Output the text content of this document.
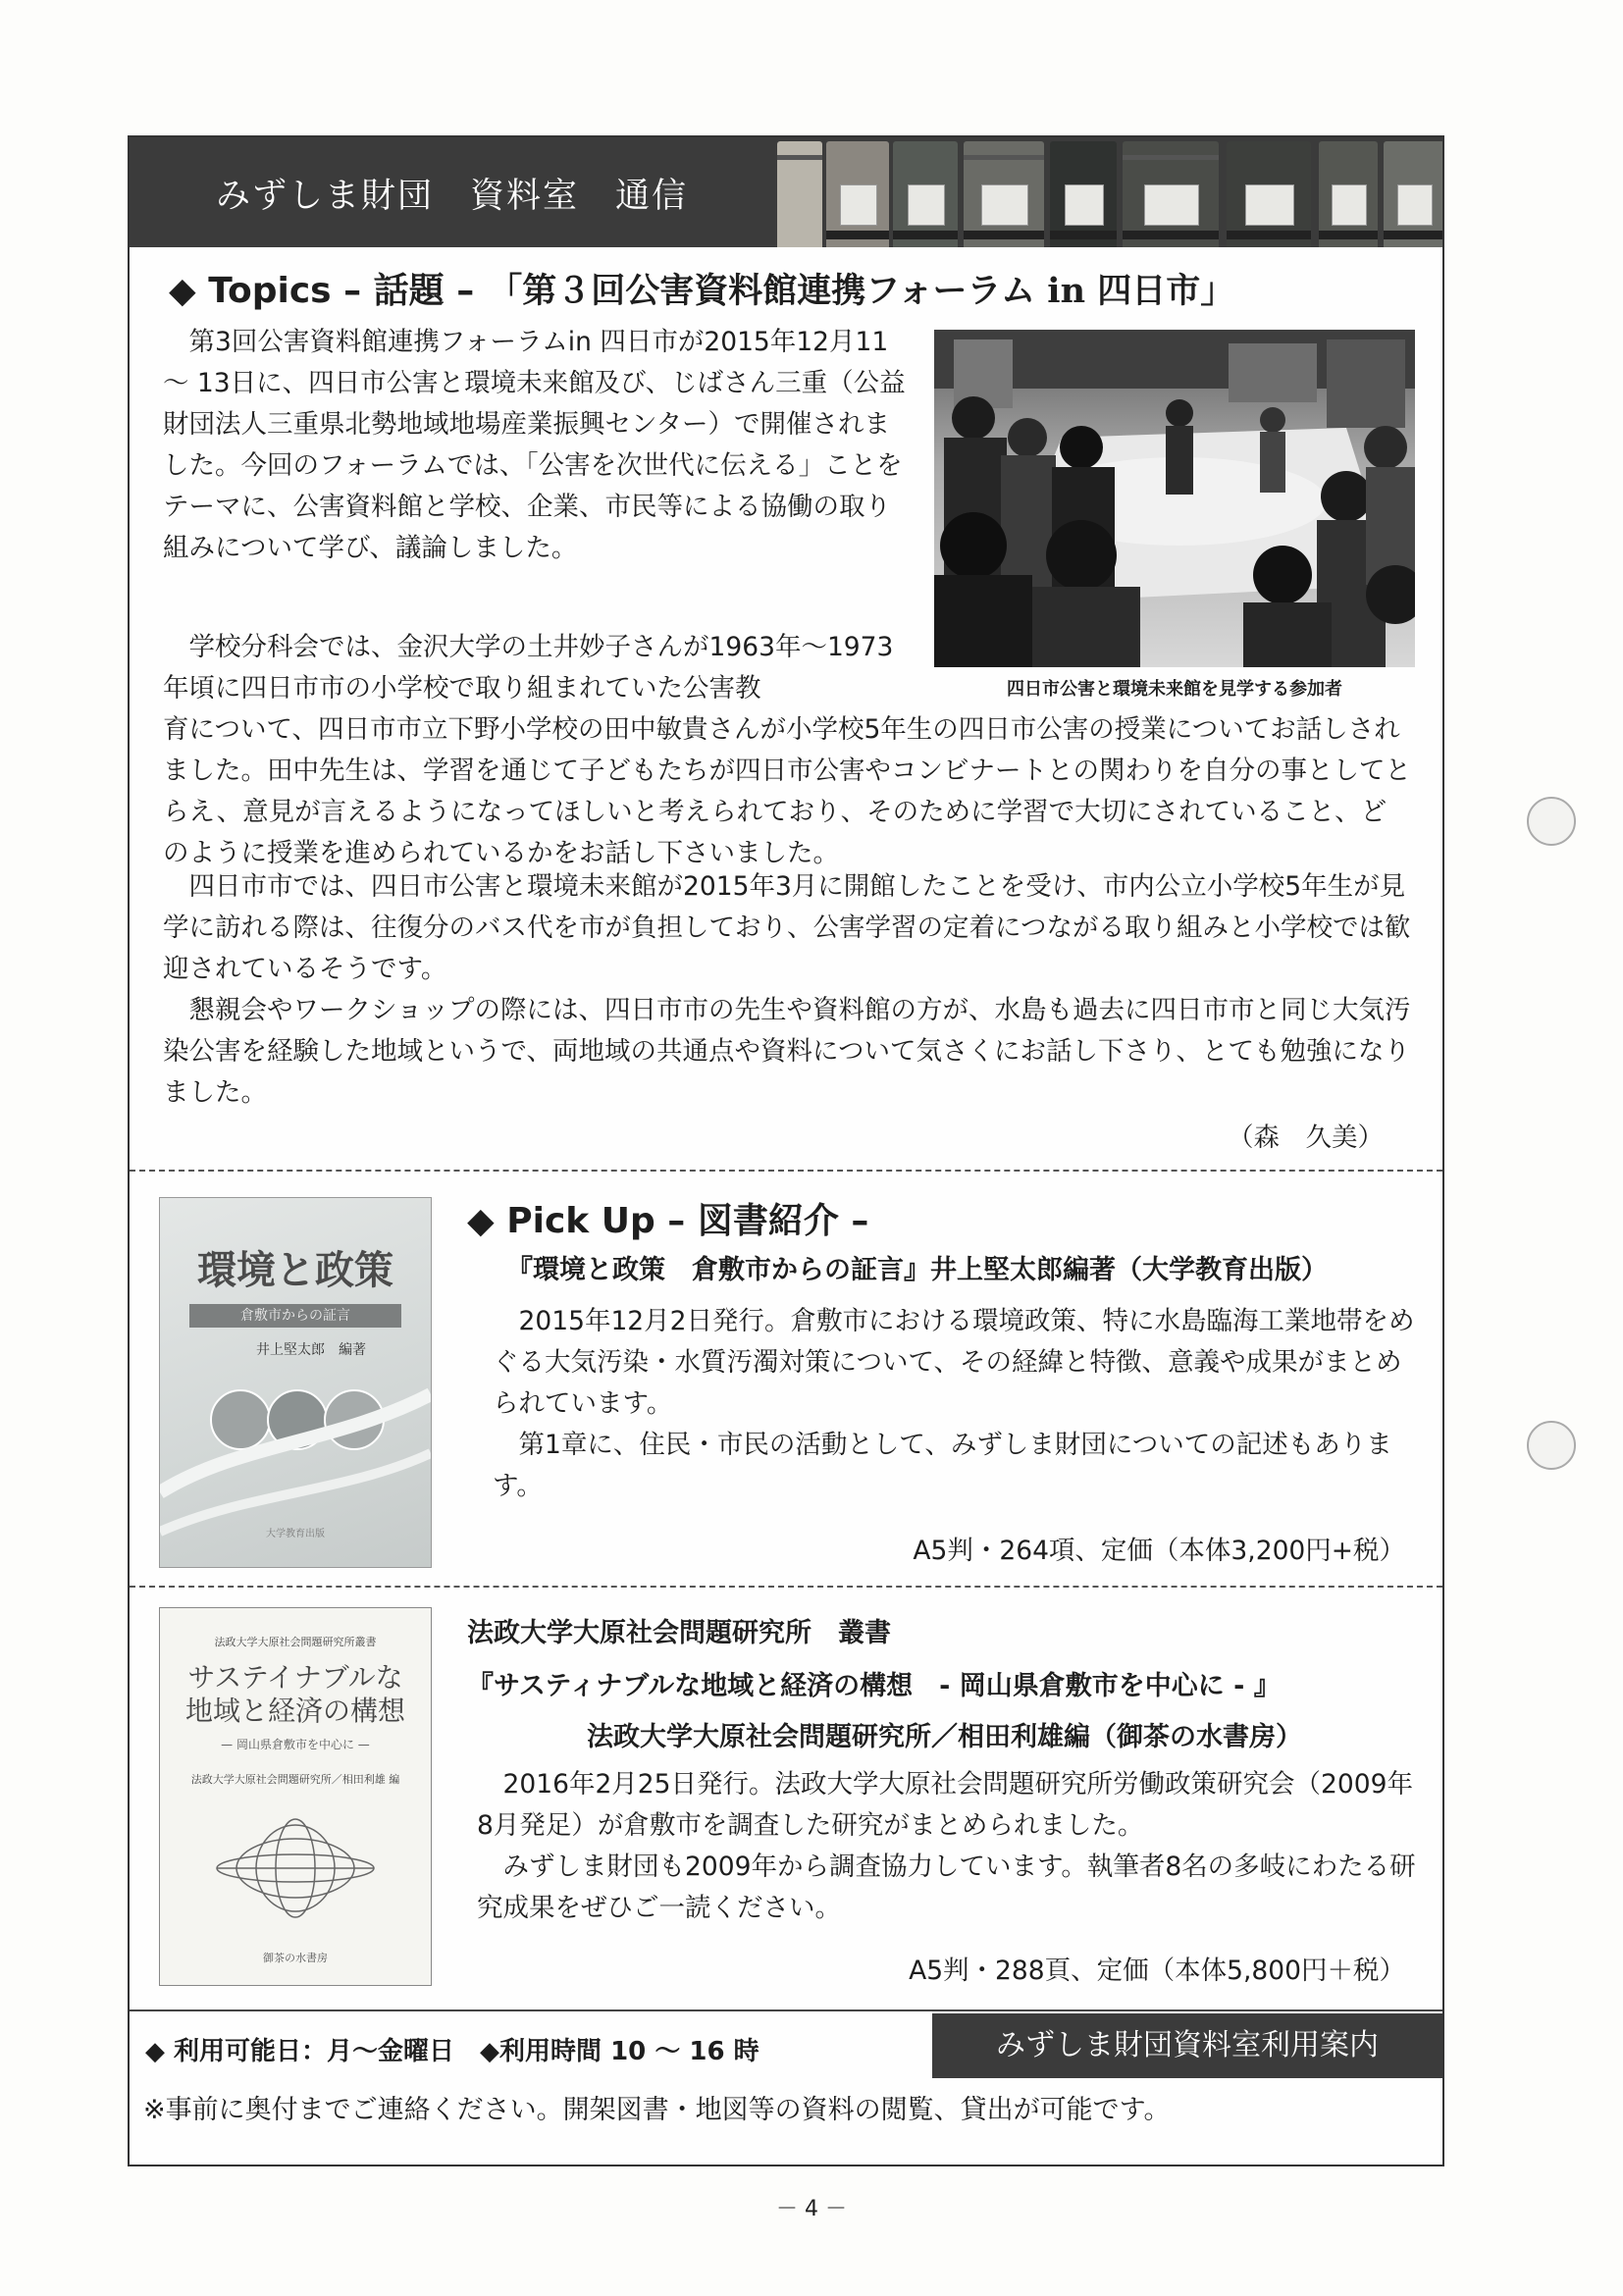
みずしま財団　資料室　通信
◆ Topics – 話題 – 「第３回公害資料館連携フォーラム in 四日市」

第3回公害資料館連携フォーラムin 四日市が2015年12月11 ～ 13日に、四日市公害と環境未来館及び、じばさん三重（公益財団法人三重県北勢地域地場産業振興センター）で開催されました。今回のフォーラムでは、「公害を次世代に伝える」ことをテーマに、公害資料館と学校、企業、市民等による協働の取り組みについて学び、議論しました。

学校分科会では、金沢大学の土井妙子さんが1963年～1973年頃に四日市市の小学校で取り組まれていた公害教

育について、四日市市立下野小学校の田中敏貴さんが小学校5年生の四日市公害の授業についてお話しされました。田中先生は、学習を通じて子どもたちが四日市公害やコンビナートとの関わりを自分の事としてとらえ、意見が言えるようになってほしいと考えられており、そのために学習で大切にされていること、どのように授業を進められているかをお話し下さいました。

四日市市では、四日市公害と環境未来館が2015年3月に開館したことを受け、市内公立小学校5年生が見学に訪れる際は、往復分のバス代を市が負担しており、公害学習の定着につながる取り組みと小学校では歓迎されているそうです。

懇親会やワークショップの際には、四日市市の先生や資料館の方が、水島も過去に四日市市と同じ大気汚染公害を経験した地域というで、両地域の共通点や資料について気さくにお話し下さり、とても勉強になりました。

（森　久美）
四日市公害と環境未来館を見学する参加者
環境と政策
倉敷市からの証言
井上堅太郎　編著
大学教育出版
◆ Pick Up – 図書紹介 –
『環境と政策　倉敷市からの証言』井上堅太郎編著（大学教育出版）

2015年12月2日発行。倉敷市における環境政策、特に水島臨海工業地帯をめぐる大気汚染・水質汚濁対策について、その経緯と特徴、意義や成果がまとめられています。

第1章に、住民・市民の活動として、みずしま財団についての記述もあります。

A5判・264項、定価（本体3,200円+税）
法政大学大原社会問題研究所叢書
サステイナブルな
地域と経済の構想
— 岡山県倉敷市を中心に —
法政大学大原社会問題研究所／相田利雄 編
御茶の水書房
法政大学大原社会問題研究所　叢書
『サスティナブルな地域と経済の構想　- 岡山県倉敷市を中心に - 』
法政大学大原社会問題研究所／相田利雄編（御茶の水書房）

2016年2月25日発行。法政大学大原社会問題研究所労働政策研究会（2009年8月発足）が倉敷市を調査した研究がまとめられました。

みずしま財団も2009年から調査協力しています。執筆者8名の多岐にわたる研究成果をぜひご一読ください。

A5判・288頁、定価（本体5,800円＋税）
◆ 利用可能日：月～金曜日　◆利用時間 10 ～ 16 時	みずしま財団資料室利用案内
※事前に奥付までご連絡ください。開架図書・地図等の資料の閲覧、貸出が可能です。
－ 4 －
